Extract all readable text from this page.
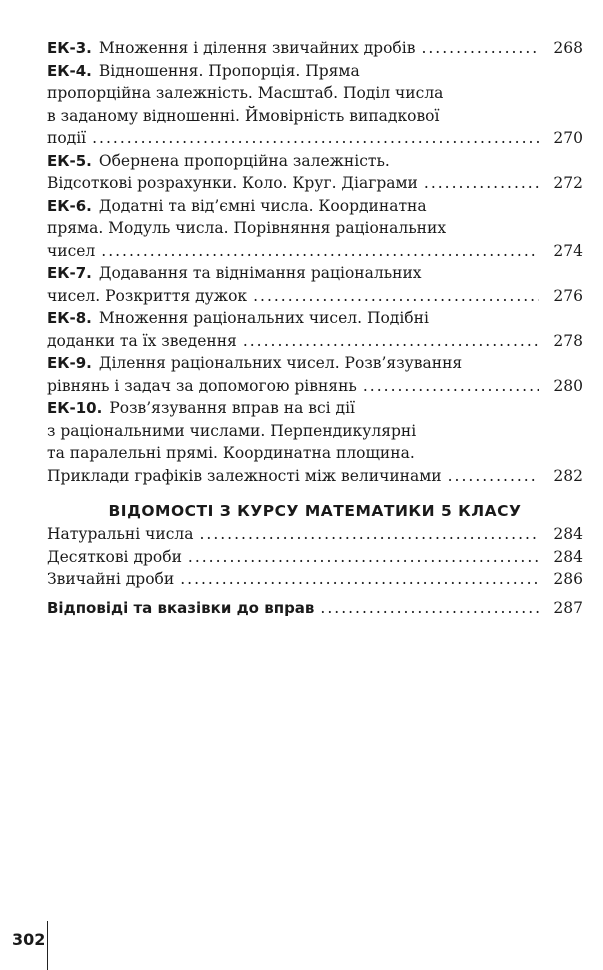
ЕК-3. Множення і ділення звичайних дробів .....	268
ЕК-4. Відношення. Пропорція. Пряма
пропорційна залежність. Масштаб. Поділ числа
в заданому відношенні. Ймовірність випадкової
події .....	270
ЕК-5. Обернена пропорційна залежність.
Відсоткові розрахунки. Коло. Круг. Діаграми .....	272
ЕК-6. Додатні та від’ємні числа. Координатна
пряма. Модуль числа. Порівняння раціональних
чисел .....	274
ЕК-7. Додавання та віднімання раціональних
чисел. Розкриття дужок .....	276
ЕК-8. Множення раціональних чисел. Подібні
доданки та їх зведення .....	278
ЕК-9. Ділення раціональних чисел. Розв’язування
рівнянь і задач за допомогою рівнянь .....	280
ЕК-10. Розв’язування вправ на всі дії
з раціональними числами. Перпендикулярні
та паралельні прямі. Координатна площина.
Приклади графіків залежності між величинами .....	282
ВІДОМОСТІ З КУРСУ МАТЕМАТИКИ 5 КЛАСУ
Натуральні числа .....	284
Десяткові дроби .....	284
Звичайні дроби .....	286
Відповіді та вказівки до вправ .....	287
302
